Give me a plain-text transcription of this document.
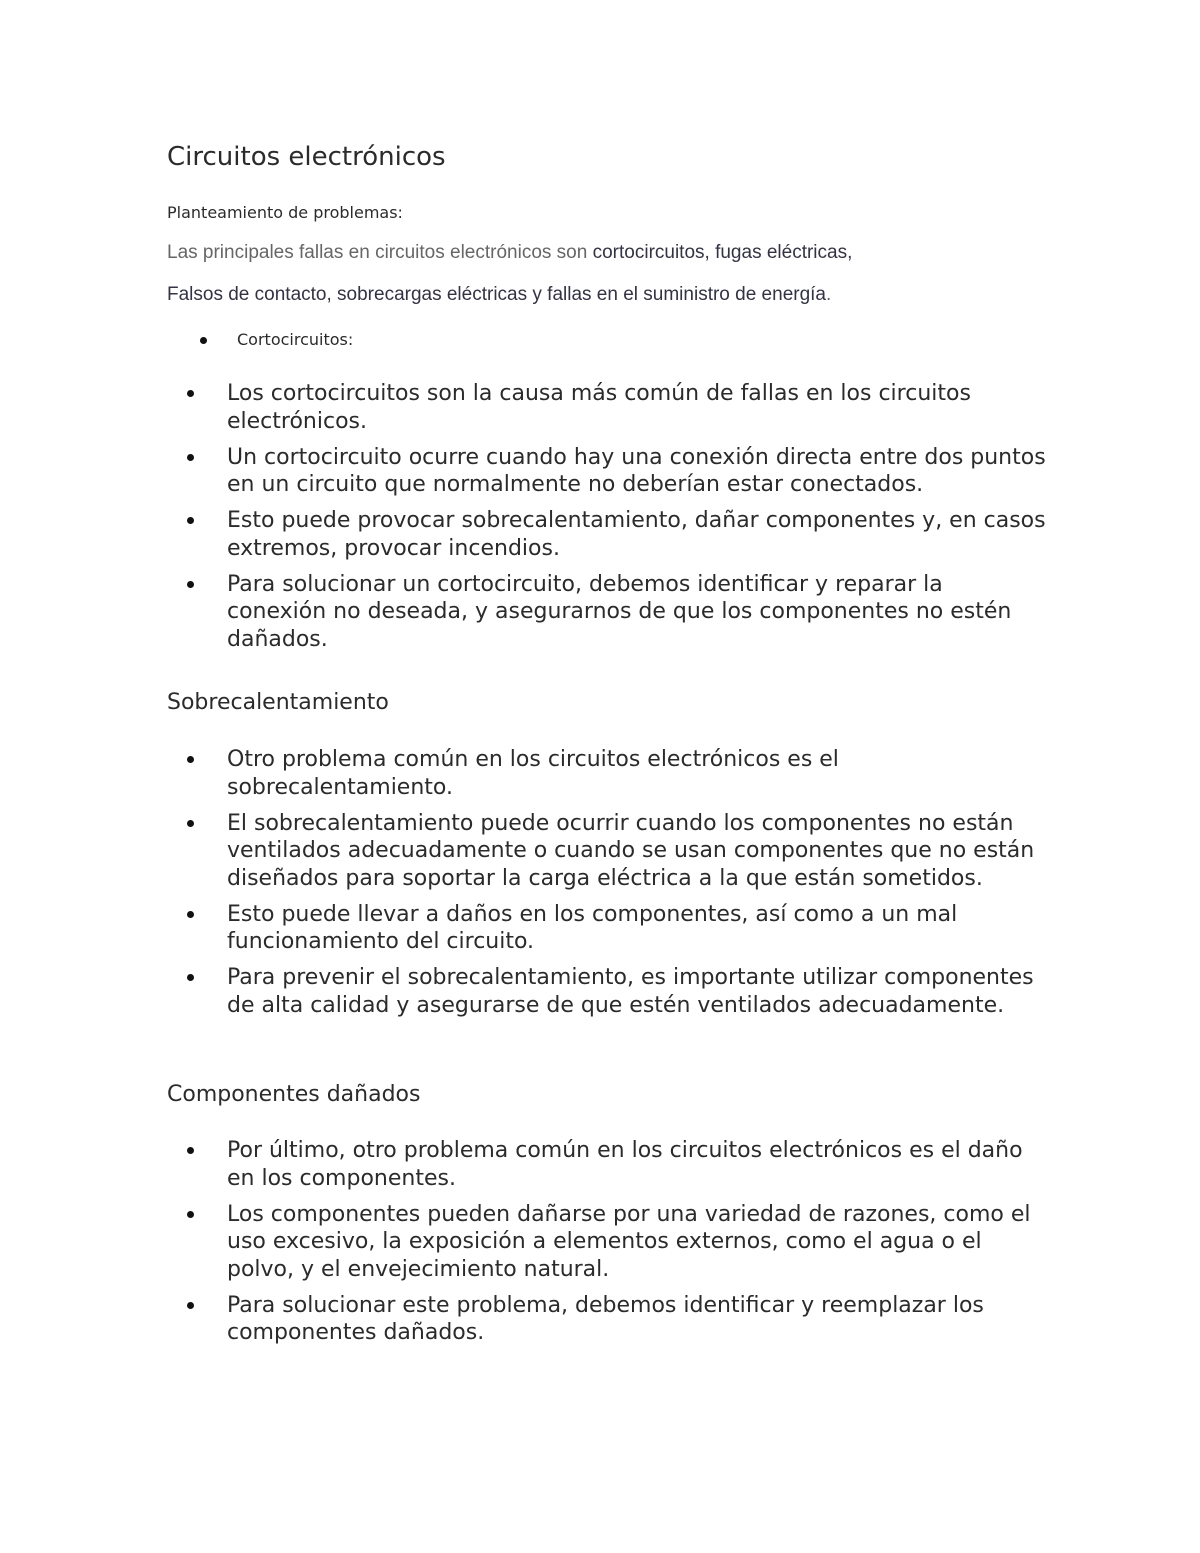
Circuitos electrónicos
Planteamiento de problemas:
Las principales fallas en circuitos electrónicos son cortocircuitos, fugas eléctricas,
Falsos de contacto, sobrecargas eléctricas y fallas en el suministro de energía.
Cortocircuitos:
Los cortocircuitos son la causa más común de fallas en los circuitos electrónicos.
Un cortocircuito ocurre cuando hay una conexión directa entre dos puntos en un circuito que normalmente no deberían estar conectados.
Esto puede provocar sobrecalentamiento, dañar componentes y, en casos extremos, provocar incendios.
Para solucionar un cortocircuito, debemos identificar y reparar la conexión no deseada, y asegurarnos de que los componentes no estén dañados.
Sobrecalentamiento
Otro problema común en los circuitos electrónicos es el sobrecalentamiento.
El sobrecalentamiento puede ocurrir cuando los componentes no están ventilados adecuadamente o cuando se usan componentes que no están diseñados para soportar la carga eléctrica a la que están sometidos.
Esto puede llevar a daños en los componentes, así como a un mal funcionamiento del circuito.
Para prevenir el sobrecalentamiento, es importante utilizar componentes de alta calidad y asegurarse de que estén ventilados adecuadamente.
Componentes dañados
Por último, otro problema común en los circuitos electrónicos es el daño en los componentes.
Los componentes pueden dañarse por una variedad de razones, como el uso excesivo, la exposición a elementos externos, como el agua o el polvo, y el envejecimiento natural.
Para solucionar este problema, debemos identificar y reemplazar los componentes dañados.
